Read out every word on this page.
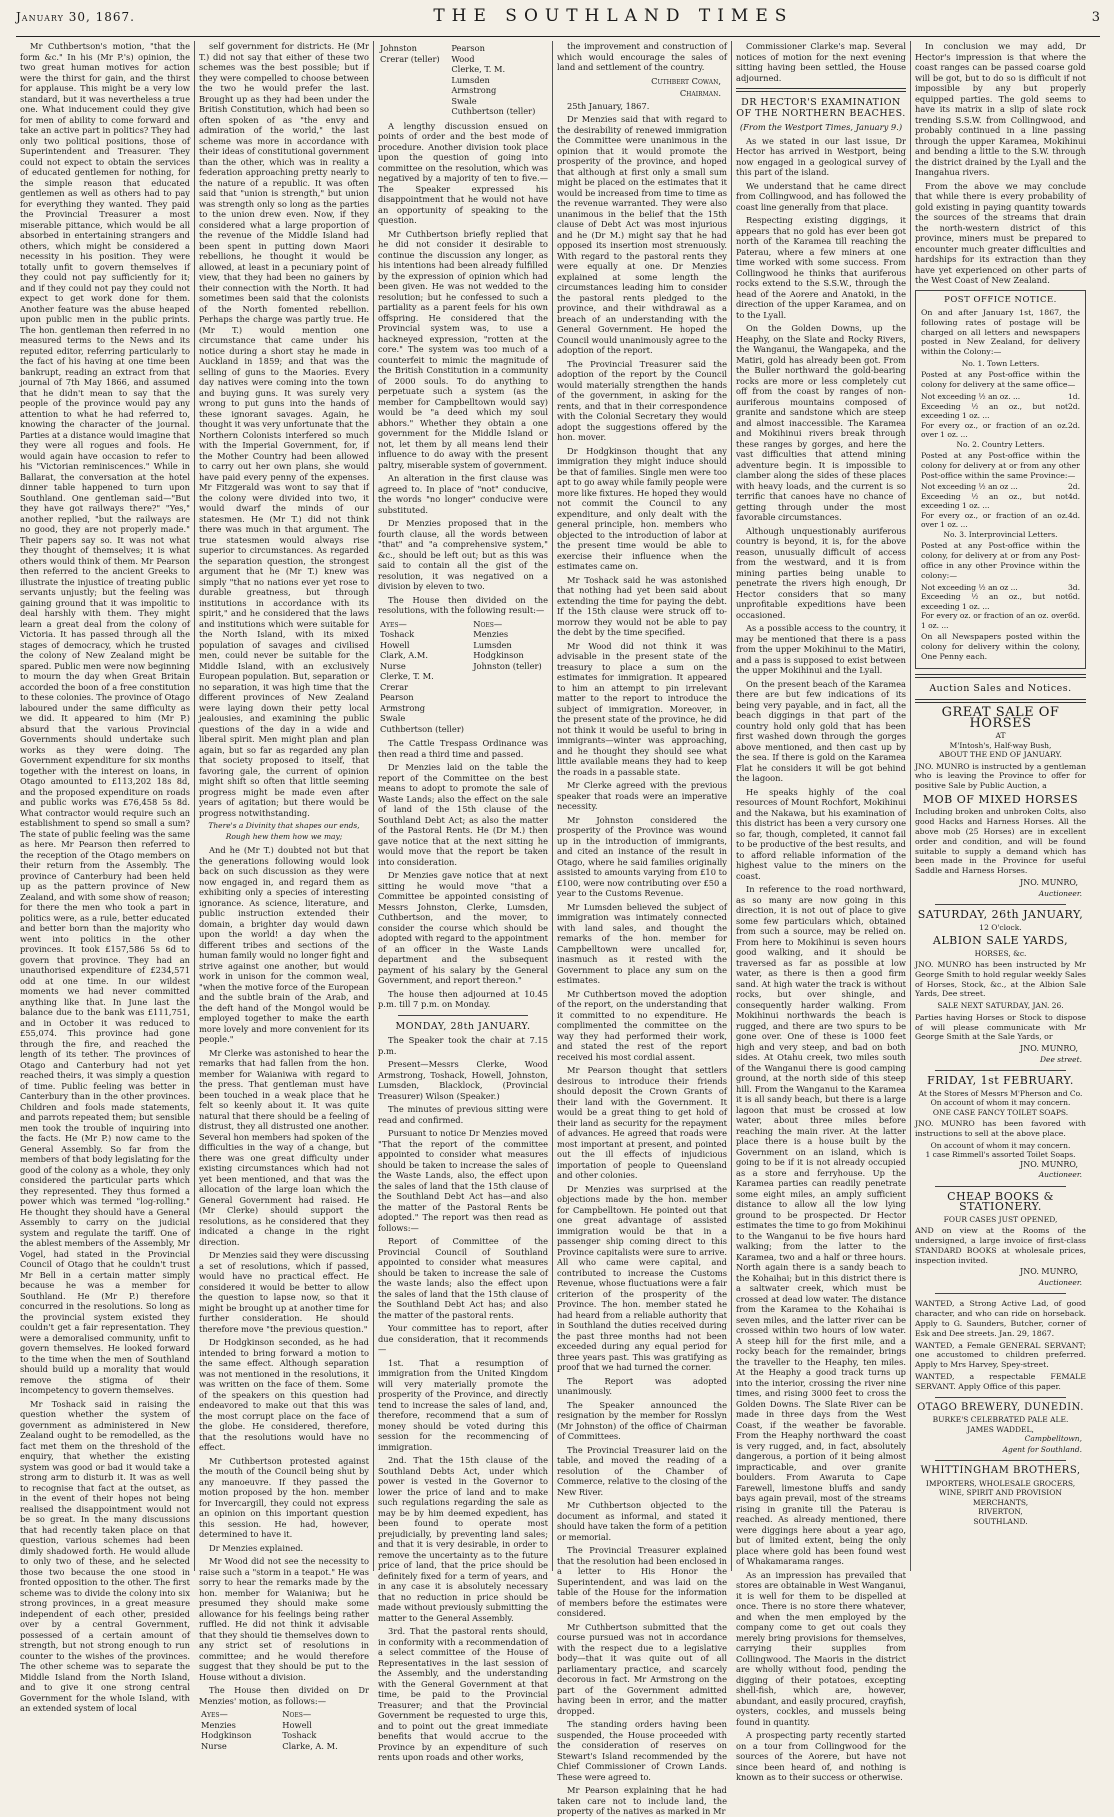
January 30, 1867.	THE SOUTHLAND TIMES	3

Mr Cuthbertson's motion, "that the form &c." In his (Mr P.'s) opinion, the two great human motives for action were the thirst for gain, and the thirst for applause. This might be a very low standard, but it was nevertheless a true one. What inducement could they give for men of ability to come forward and take an active part in politics? They had only two political positions, those of Superintendent and Treasurer. They could not expect to obtain the services of educated gentlemen for nothing, for the simple reason that educated gentlemen as well as others had to pay for everything they wanted. They paid the Provincial Treasurer a most miserable pittance, which would be all absorbed in entertaining strangers and others, which might be considered a necessity in his position. They were totally unfit to govern themselves if they could not pay sufficiently for it; and if they could not pay they could not expect to get work done for them. Another feature was the abuse heaped upon public men in the public prints. The hon. gentleman then referred in no measured terms to the News and its reputed editor, referring particularly to the fact of his having at one time been bankrupt, reading an extract from that journal of 7th May 1866, and assumed that he didn't mean to say that the people of the province would pay any attention to what he had referred to, knowing the character of the journal. Parties at a distance would imagine that they were all rogues and fools. He would again have occasion to refer to his "Victorian reminiscences." While in Ballarat, the conversation at the hotel dinner table happened to turn upon Southland. One gentleman said—"But they have got railways there?" "Yes," another replied, "but the railways are no good, they are not properly made." Their papers say so. It was not what they thought of themselves; it is what others would think of them. Mr Pearson then referred to the ancient Greeks to illustrate the injustice of treating public servants unjustly; but the feeling was gaining ground that it was impolitic to deal harshly with them. They might learn a great deal from the colony of Victoria. It has passed through all the stages of democracy, which he trusted the colony of New Zealand might be spared. Public men were now beginning to mourn the day when Great Britain accorded the boon of a free constitution to these colonies. The province of Otago laboured under the same difficulty as we did. It appeared to him (Mr P.) absurd that the various Provincial Governments should undertake such works as they were doing. The Government expenditure for six months together with the interest on loans, in Otago amounted to £113,202 18s 8d, and the proposed expenditure on roads and public works was £76,458 5s 8d. What contractor would require such an establishment to spend so small a sum? The state of public feeling was the same as here. Mr Pearson then referred to the reception of the Otago members on their return from the Assembly. The province of Canterbury had been held up as the pattern province of New Zealand, and with some show of reason; for there the men who took a part in politics were, as a rule, better educated and better born than the majority who went into politics in the other provinces. It took £157,586 5s 6d to govern that province. They had an unauthorised expenditure of £234,571 odd at one time. In our wildest moments we had never committed anything like that. In June last the balance due to the bank was £111,751, and in October it was reduced to £55,074. This province had gone through the fire, and reached the length of its tether. The provinces of Otago and Canterbury had not yet reached theirs, it was simply a question of time. Public feeling was better in Canterbury than in the other provinces. Children and fools made statements, and parrots repeated them; but sensible men took the trouble of inquiring into the facts. He (Mr P.) now came to the General Assembly. So far from the members of that body legislating for the good of the colony as a whole, they only considered the particular parts which they represented. They thus formed a power which was termed "log-rolling." He thought they should have a General Assembly to carry on the judicial system and regulate the tariff. One of the ablest members of the Assembly, Mr Vogel, had stated in the Provincial Council of Otago that he couldn't trust Mr Bell in a certain matter simply because he was a member for Southland. He (Mr P.) therefore concurred in the resolutions. So long as the provincial system existed they couldn't get a fair representation. They were a demoralised community, unfit to govern themselves. He looked forward to the time when the men of Southland should build up a morality that would remove the stigma of their incompetency to govern themselves.

Mr Toshack said in raising the question whether the system of government as administered in New Zealand ought to be remodelled, as the fact met them on the threshold of the enquiry, that whether the existing system was good or bad it would take a strong arm to disturb it. It was as well to recognise that fact at the outset, as in the event of their hopes not being realised the disappointment would not be so great. In the many discussions that had recently taken place on that question, various schemes had been dimly shadowed forth. He would allude to only two of these, and he selected those two because the one stood in fronted opposition to the other. The first scheme was to divide the colony into six strong provinces, in a great measure independent of each other, presided over by a central Government, possessed of a certain amount of strength, but not strong enough to run counter to the wishes of the provinces. The other scheme was to separate the Middle Island from the North Island, and to give it one strong central Government for the whole Island, with an extended system of local

self government for districts. He (Mr T.) did not say that either of these two schemes was the best possible; but if they were compelled to choose between the two he would prefer the last. Brought up as they had been under the British Constitution, which had been so often spoken of as "the envy and admiration of the world," the last scheme was more in accordance with their ideas of constitutional government than the other, which was in reality a federation approaching pretty nearly to the nature of a republic. It was often said that "union is strength," but union was strength only so long as the parties to the union drew even. Now, if they considered what a large proportion of the revenue of the Middle Island had been spent in putting down Maori rebellions, he thought it would be allowed, at least in a pecuniary point of view, that they had been no gainers by their connection with the North. It had sometimes been said that the colonists of the North fomented rebellion. Perhaps the charge was partly true. He (Mr T.) would mention one circumstance that came under his notice during a short stay he made in Auckland in 1859; and that was the selling of guns to the Maories. Every day natives were coming into the town and buying guns. It was surely very wrong to put guns into the hands of these ignorant savages. Again, he thought it was very unfortunate that the Northern Colonists interfered so much with the Imperial Government, for, if the Mother Country had been allowed to carry out her own plans, she would have paid every penny of the expenses. Mr Fitzgerald was wont to say that if the colony were divided into two, it would dwarf the minds of our statesmen. He (Mr T.) did not think there was much in that argument. The true statesmen would always rise superior to circumstances. As regarded the separation question, the strongest argument that he (Mr T.) knew was simply "that no nations ever yet rose to durable greatness, but through institutions in accordance with its spirit," and he considered that the laws and institutions which were suitable for the North Island, with its mixed population of savages and civilised men, could never be suitable for the Middle Island, with an exclusively European population. But, separation or no separation, it was high time that the different provinces of New Zealand were laying down their petty local jealousies, and examining the public questions of the day in a wide and liberal spirit. Men might plan and plan again, but so far as regarded any plan that society proposed to itself, that favoring gale, the current of opinion might shift so often that little seeming progress might be made even after years of agitation; but there would be progress notwithstanding.

There's a Divinity that shapes our ends, Rough hew them how we may;

And he (Mr T.) doubted not but that the generations following would look back on such discussion as they were now engaged in, and regard them as exhibiting only a species of interesting ignorance. As science, literature, and public instruction extended their domain, a brighter day would dawn upon the world! a day when the different tribes and sections of the human family would no longer fight and strive against one another, but would work in unison for the common weal, "when the motive force of the European and the subtle brain of the Arab, and the deft hand of the Mongol would be employed together to make the earth more lovely and more convenient for its people."

Mr Clerke was astonished to hear the remarks that had fallen from the hon. member for Waianiwa with regard to the press. That gentleman must have been touched in a weak place that he felt so keenly about it. It was quite natural that there should be a feeling of distrust, they all distrusted one another. Several hon members had spoken of the difficulties in the way of a change, but there was one great difficulty under existing circumstances which had not yet been mentioned, and that was the allocation of the large loan which the General Government had raised. He (Mr Clerke) should support the resolutions, as he considered that they indicated a change in the right direction.

Dr Menzies said they were discussing a set of resolutions, which if passed, would have no practical effect. He considered it would be better to allow the question to lapse now, so that it might be brought up at another time for further consideration. He should therefore move "the previous question."

Dr Hodgkinson seconded, as he had intended to bring forward a motion to the same effect. Although separation was not mentioned in the resolutions, it was written on the face of them. Some of the speakers on this question had endeavored to make out that this was the most corrupt place on the face of the globe. He considered, therefore, that the resolutions would have no effect.

Mr Cuthbertson protested against the mouth of the Council being shut by any manoeuvre. If they passed the motion proposed by the hon. member for Invercargill, they could not express an opinion on this important question this session. He had, however, determined to have it.

Dr Menzies explained.

Mr Wood did not see the necessity to raise such a "storm in a teapot." He was sorry to hear the remarks made by the hon. member for Waianiwa; but he presumed they should make some allowance for his feelings being rather ruffled. He did not think it advisable that they should tie themselves down to any strict set of resolutions in committee; and he would therefore suggest that they should be put to the House without a division.

The House then divided on Dr Menzies' motion, as follows:—

Ayes—	Noes—
Menzies	Howell
Hodgkinson	Toshack
Nurse	Clarke, A. M.
Johnston	Pearson
Crerar (teller)	Wood
	Clerke, T. M.
	Lumsden
	Armstrong
	Swale
	Cuthbertson (teller)

A lengthy discussion ensued on points of order and the best mode of procedure. Another division took place upon the question of going into committee on the resolution, which was negatived by a majority of ten to five.—The Speaker expressed his disappointment that he would not have an opportunity of speaking to the question.

Mr Cuthbertson briefly replied that he did not consider it desirable to continue the discussion any longer, as his intentions had been already fulfilled by the expression of opinion which had been given. He was not wedded to the resolution; but he confessed to such a partiality as a parent feels for his own offspring. He considered that the Provincial system was, to use a hackneyed expression, "rotten at the core." The system was too much of a counterfeit to mimic the magnitude of the British Constitution in a community of 2000 souls. To do anything to perpetuate such a system (as the member for Campbelltown would say) would be "a deed which my soul abhors." Whether they obtain a one government for the Middle Island or not, let them by all means lend their influence to do away with the present paltry, miserable system of government.

An alteration in the first clause was agreed to. In place of "not" conducive, the words "no longer" conducive were substituted.

Dr Menzies proposed that in the fourth clause, all the words between "that" and "a comprehensive system," &c., should be left out; but as this was said to contain all the gist of the resolution, it was negatived on a division by eleven to two.

The House then divided on the resolutions, with the following result:—

Ayes—	Noes—
Toshack	Menzies
Howell	Lumsden
Clark, A.M.	Hodgkinson
Nurse	Johnston (teller)
Clerke, T. M.	
Crerar	
Pearson	
Armstrong	
Swale	
Cuthbertson (teller)	

The Cattle Trespass Ordinance was then read a third time and passed.

Dr Menzies laid on the table the report of the Committee on the best means to adopt to promote the sale of Waste Lands; also the effect on the sale of land of the 15th clause of the Southland Debt Act; as also the matter of the Pastoral Rents. He (Dr M.) then gave notice that at the next sitting he would move that the report be taken into consideration.

Dr Menzies gave notice that at next sitting he would move "that a Committee be appointed consisting of Messrs Johnston, Clerke, Lumsden, Cuthbertson, and the mover, to consider the course which should be adopted with regard to the appointment of an officer in the Waste Lands department and the subsequent payment of his salary by the General Government, and report thereon."

The house then adjourned at 10.45 p.m. till 7 p.m. on Monday.

MONDAY, 28th JANUARY.

The Speaker took the chair at 7.15 p.m.

Present—Messrs Clerke, Wood Armstrong, Toshack, Howell, Johnston, Lumsden, Blacklock, (Provincial Treasurer) Wilson (Speaker.)

The minutes of previous sitting were read and confirmed.

Pursuant to notice Dr Menzies moved "That the report of the committee appointed to consider what measures should be taken to increase the sales of the Waste Lands, also, the effect upon the sales of land that the 15th clause of the Southland Debt Act has—and also the matter of the Pastoral Rents be adopted." The report was then read as follows:—

Report of Committee of the Provincial Council of Southland appointed to consider what measures should be taken to increase the sale of the waste lands; also the effect upon the sales of land that the 15th clause of the Southland Debt Act has; and also the matter of the pastoral rents.

Your committee has to report, after due consideration, that it recommends—

1st. That a resumption of immigration from the United Kingdom will very materially promote the prosperity of the Province, and directly tend to increase the sales of land, and, therefore, recommend that a sum of money should be voted during this session for the recommencing of immigration.

2nd. That the 15th clause of the Southland Debts Act, under which power is vested in the Governor to lower the price of land and to make such regulations regarding the sale as may be by him deemed expedient, has been found to operate most prejudicially, by preventing land sales; and that it is very desirable, in order to remove the uncertainty as to the future price of land, that the price should be definitely fixed for a term of years, and in any case it is absolutely necessary that no reduction in price should be made without previously submitting the matter to the General Assembly.

3rd. That the pastoral rents should, in conformity with a recommendation of a select committee of the House of Representatives in the last session of the Assembly, and the understanding with the General Government at that time, be paid to the Provincial Treasurer; and that the Provincial Government be requested to urge this, and to point out the great immediate benefits that would accrue to the Province by an expenditure of such rents upon roads and other works,

the improvement and construction of which would encourage the sales of land and settlement of the country.

Cuthbert Cowan,
Chairman.

25th January, 1867.

Dr Menzies said that with regard to the desirability of renewed immigration the Committee were unanimous in the opinion that it would promote the prosperity of the province, and hoped that although at first only a small sum might be placed on the estimates that it would be increased from time to time as the revenue warranted. They were also unanimous in the belief that the 15th clause of Debt Act was most injurious and he (Dr M.) might say that he had opposed its insertion most strenuously. With regard to the pastoral rents they were equally at one. Dr Menzies explained at some length the circumstances leading him to consider the pastoral rents pledged to the province, and their withdrawal as a breach of an understanding with the General Government. He hoped the Council would unanimously agree to the adoption of the report.

The Provincial Treasurer said the adoption of the report by the Council would materially strengthen the hands of the government, in asking for the rents, and that in their correspondence with the Colonial Secretary they would adopt the suggestions offered by the hon. mover.

Dr Hodgkinson thought that any immigration they might induce should be that of families. Single men were too apt to go away while family people were more like fixtures. He hoped they would not commit the Council to any expenditure, and only dealt with the general principle, hon. members who objected to the introduction of labor at the present time would be able to exercise their influence when the estimates came on.

Mr Toshack said he was astonished that nothing had yet been said about extending the time for paying the debt. If the 15th clause were struck off to-morrow they would not be able to pay the debt by the time specified.

Mr Wood did not think it was advisable in the present state of the treasury to place a sum on the estimates for immigration. It appeared to him an attempt to pin irrelevant matter to the report to introduce the subject of immigration. Moreover, in the present state of the province, he did not think it would be useful to bring in immigrants—winter was approaching, and he thought they should see what little available means they had to keep the roads in a passable state.

Mr Clerke agreed with the previous speaker that roads were an imperative necessity.

Mr Johnston considered the prosperity of the Province was wound up in the introduction of immigrants, and cited an instance of the result in Otago, where he said families originally assisted to amounts varying from £10 to £100, were now contributing over £50 a year to the Customs Revenue.

Mr Lumsden believed the subject of immigration was intimately connected with land sales, and thought the remarks of the hon. member for Campbelltown were uncalled for, inasmuch as it rested with the Government to place any sum on the estimates.

Mr Cuthbertson moved the adoption of the report, on the understanding that it committed to no expenditure. He complimented the committee on the way they had performed their work, and stated the rest of the report received his most cordial assent.

Mr Pearson thought that settlers desirous to introduce their friends should deposit the Crown Grants of their land with the Government. It would be a great thing to get hold of their land as security for the repayment of advances. He agreed that roads were most important at present, and pointed out the ill effects of injudicious importation of people to Queensland and other colonies.

Dr Menzies was surprised at the objections made by the hon. member for Campbelltown. He pointed out that one great advantage of assisted immigration would be that in a passenger ship coming direct to this Province capitalists were sure to arrive. All who came were capital, and contributed to increase the Customs Revenue, whose fluctuations were a fair criterion of the prosperity of the Province. The hon. member stated he had heard from a reliable authority that in Southland the duties received during the past three months had not been exceeded during any equal period for three years past. This was gratifying as proof that we had turned the corner.

The Report was adopted unanimously.

The Speaker announced the resignation by the member for Rosslyn (Mr Johnston) of the office of Chairman of Committees.

The Provincial Treasurer laid on the table, and moved the reading of a resolution of the Chamber of Commerce, relative to the closing of the New River.

Mr Cuthbertson objected to the document as informal, and stated it should have taken the form of a petition or memorial.

The Provincial Treasurer explained that the resolution had been enclosed in a letter to His Honor the Superintendent, and was laid on the table of the House for the information of members before the estimates were considered.

Mr Cuthbertson submitted that the course pursued was not in accordance with the respect due to a legislative body—that it was quite out of all parliamentary practice, and scarcely decorous in fact. Mr Armstrong on the part of the Government admitted having been in error, and the matter dropped.

The standing orders having been suspended, the House proceeded with the consideration of reserves on Stewart's Island recommended by the Chief Commissioner of Crown Lands. These were agreed to.

Mr Pearson explaining that he had taken care not to include land, the property of the natives as marked in Mr

Commissioner Clarke's map. Several notices of motion for the next evening sitting having been settled, the House adjourned.

DR HECTOR'S EXAMINATION OF THE NORTHERN BEACHES.
(From the Westport Times, January 9.)

As we stated in our last issue, Dr Hector has arrived in Westport, being now engaged in a geological survey of this part of the island.

We understand that he came direct from Collingwood, and has followed the coast line generally from that place.

Respecting existing diggings, it appears that no gold has ever been got north of the Karamea till reaching the Paterau, where a few miners at one time worked with some success. From Collingwood he thinks that auriferous rocks extend to the S.S.W., through the head of the Aorere and Anatoki, in the direction of the upper Karamea, and on to the Lyall.

On the Golden Downs, up the Heaphy, on the Slate and Rocky Rivers, the Wanganui, the Wangapeka, and the Matiri, gold has already been got. From the Buller northward the gold-bearing rocks are more or less completely cut off from the coast by ranges of non-auriferous mountains composed of granite and sandstone which are steep and almost inaccessible. The Karamea and Mokihinui rivers break through these ranges by gorges, and here the vast difficulties that attend mining adventure begin. It is impossible to clamber along the sides of these places with heavy loads, and the current is so terrific that canoes have no chance of getting through under the most favorable circumstances.

Although unquestionably auriferous country is beyond, it is, for the above reason, unusually difficult of access from the westward, and it is from mining parties being unable to penetrate the rivers high enough, Dr Hector considers that so many unprofitable expeditions have been occasioned.

As a possible access to the country, it may be mentioned that there is a pass from the upper Mokihinui to the Matiri, and a pass is supposed to exist between the upper Mokihinui and the Lyall.

On the present beach of the Karamea there are but few indications of its being very payable, and in fact, all the beach diggings in that part of the country hold only gold that has been first washed down through the gorges above mentioned, and then cast up by the sea. If there is gold on the Karamea Flat he considers it will be got behind the lagoon.

He speaks highly of the coal resources of Mount Rochfort, Mokihinui and the Nakawa, but his examination of this district has been a very cursory one so far, though, completed, it cannot fail to be productive of the best results, and to afford reliable information of the highest value to the miners on the coast.

In reference to the road northward, as so many are now going in this direction, it is not out of place to give some few particulars which, obtained from such a source, may be relied on. From here to Mokihinui is seven hours good walking, and it should be traversed as far as possible at low water, as there is then a good firm sand. At high water the track is without rocks, but over shingle, and consequently harder walking. From Mokihinui northwards the beach is rugged, and there are two spurs to be gone over. One of these is 1000 feet high and very steep, and bad on both sides. At Otahu creek, two miles south of the Wanganui there is good camping ground, at the north side of this steep hill. From the Wanganui to the Karamea it is all sandy beach, but there is a large lagoon that must be crossed at low water, about three miles before reaching the main river. At the latter place there is a house built by the Government on an island, which is going to be if it is not already occupied as a store and ferryhouse. Up the Karamea parties can readily penetrate some eight miles, an amply sufficient distance to allow all the low lying ground to be prospected. Dr Hector estimates the time to go from Mokihinui to the Wanganui to be five hours hard walking; from the latter to the Karamea, two and a half or three hours. North again there is a sandy beach to the Kohaihai; but in this district there is a saltwater creek, which must be crossed at dead low water. The distance from the Karamea to the Kohaihai is seven miles, and the latter river can be crossed within two hours of low water. A steep hill for the first mile, and a rocky beach for the remainder, brings the traveller to the Heaphy, ten miles. At the Heaphy a good track turns up into the interior, crossing the river nine times, and rising 3000 feet to cross the Golden Downs. The Slate River can be made in three days from the West Coast, if the weather be favorable. From the Heaphy northward the coast is very rugged, and, in fact, absolutely dangerous, a portion of it being almost impracticable, and over granite boulders. From Awaruta to Cape Farewell, limestone bluffs and sandy bays again prevail, most of the streams rising in granite till the Paterau is reached. As already mentioned, there were diggings here about a year ago, but of limited extent, being the only place where gold has been found west of Whakamarama ranges.

As an impression has prevailed that stores are obtainable in West Wanganui, it is well for them to be dispelled at once. There is no store there whatever, and when the men employed by the company come to get out coals they merely bring provisions for themselves, carrying their supplies from Collingwood. The Maoris in the district are wholly without food, pending the digging of their potatoes, excepting shell-fish, which are, however, abundant, and easily procured, crayfish, oysters, cockles, and mussels being found in quantity.

A prospecting party recently started on a tour from Collingwood for the sources of the Aorere, but have not since been heard of, and nothing is known as to their success or otherwise.

In conclusion we may add, Dr Hector's impression is that where the coast ranges can be passed coarse gold will be got, but to do so is difficult if not impossible by any but properly equipped parties. The gold seems to have its matrix in a slip of slate rock trending S.S.W. from Collingwood, and probably continued in a line passing through the upper Karamea, Mokihinui and bending a little to the S.W. through the district drained by the Lyall and the Inangahua rivers.

From the above we may conclude that while there is every probability of gold existing in paying quantity towards the sources of the streams that drain the north-western district of this province, miners must be prepared to encounter much greater difficulties and hardships for its extraction than they have yet experienced on other parts of the West Coast of New Zealand.

POST OFFICE NOTICE.
On and after January 1st, 1867, the following rates of postage will be charged on all letters and newspapers posted in New Zealand, for delivery within the Colony:—
No. 1. Town Letters.
Posted at any Post-office within the colony for delivery at the same office—
Not exceeding ½ an oz. ...	1d.
Exceeding ½ an oz., but not exceeding 1 oz. ...
2d.
For every oz., or fraction of an oz. over 1 oz. ...
2d.
No. 2. Country Letters.
Posted at any Post-office within the colony for delivery at or from any other Post-office within the same Province:—
Not exceeding ½ an oz ...	2d.
Exceeding ½ an oz., but not exceeding 1 oz. ...
4d.
For every oz., or fraction of an oz. over 1 oz. ...
4d.
No. 3. Interprovincial Letters.
Posted at any Post-office within the colony, for delivery at or from any Post-office in any other Province within the colony:—
Not exceeding ½ an oz ...	3d.
Exceeding ½ an oz., but not exceeding 1 oz. ...
6d.
For every oz. or fraction of an oz. over 1 oz. ...
6d.
On all Newspapers posted within the colony for delivery within the colony, One Penny each.
Auction Sales and Notices.
GREAT SALE OF HORSES
AT
M'Intosh's, Half-way Bush,
ABOUT THE END OF JANUARY.
JNO. MUNRO is instructed by a gentleman who is leaving the Province to offer for positive Sale by Public Auction, a
MOB OF MIXED HORSES
Including broken and unbroken Colts, also good Hacks and Harness Horses. All the above mob (25 Horses) are in excellent order and condition, and will be found suitable to supply a demand which has been made in the Province for useful Saddle and Harness Horses.
JNO. MUNRO,
Auctioneer.
SATURDAY, 26th JANUARY,
12 O'clock.
ALBION SALE YARDS,
HORSES, &c.
JNO. MUNRO has been instructed by Mr George Smith to hold regular weekly Sales of Horses, Stock, &c., at the Albion Sale Yards, Dee street.
SALE NEXT SATURDAY, JAN. 26.
Parties having Horses or Stock to dispose of will please communicate with Mr George Smith at the Sale Yards, or
JNO. MUNRO,
Dee street.
FRIDAY, 1st FEBRUARY.
At the Stores of Messrs M'Pherson and Co.
On account of whom it may concern.
ONE CASE FANCY TOILET SOAPS.
JNO. MUNRO has been favored with instructions to sell at the above place.
On account of whom it may concern.
1 case Rimmell's assorted Toilet Soaps.
JNO. MUNRO,
Auctioneer.
CHEAP BOOKS & STATIONERY.
FOUR CASES JUST OPENED,
AND on view at the Rooms of the undersigned, a large invoice of first-class STANDARD BOOKS at wholesale prices, inspection invited.
JNO. MUNRO,
Auctioneer.
WANTED, a Strong Active Lad, of good character, and who can ride on horseback. Apply to G. Saunders, Butcher, corner of Esk and Dee streets. Jan. 29, 1867.
WANTED, a Female GENERAL SERVANT; one accustomed to children preferred. Apply to Mrs Harvey, Spey-street.
WANTED, a respectable FEMALE SERVANT. Apply Office of this paper.
OTAGO BREWERY, DUNEDIN.
BURKE'S CELEBRATED PALE ALE.
JAMES WADDEL,
Campbelltown,
Agent for Southland.
WHITTINGHAM BROTHERS,
IMPORTERS, WHOLESALE GROCERS,
WINE, SPIRIT AND PROVISION
MERCHANTS,
RIVERTON,
SOUTHLAND.
